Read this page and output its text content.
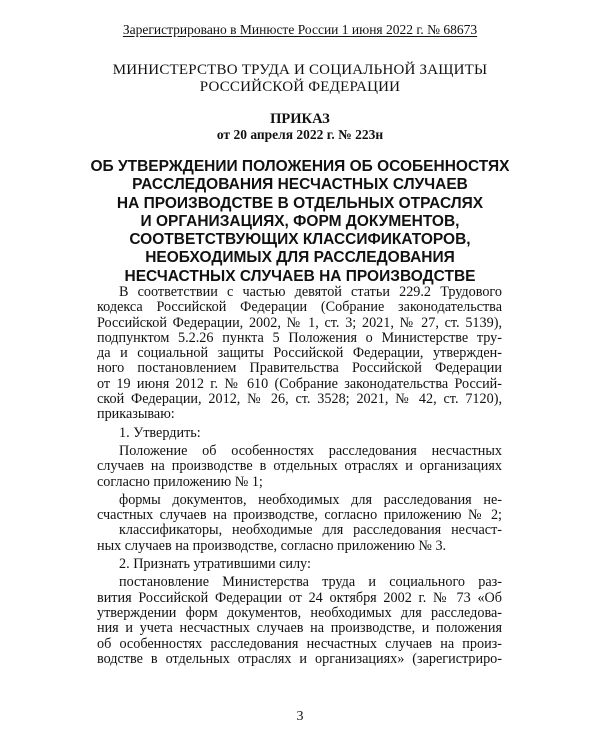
Зарегистрировано в Минюсте России 1 июня 2022 г. № 68673
МИНИСТЕРСТВО ТРУДА И СОЦИАЛЬНОЙ ЗАЩИТЫ
РОССИЙСКОЙ ФЕДЕРАЦИИ
ПРИКАЗ
от 20 апреля 2022 г. № 223н
ОБ УТВЕРЖДЕНИИ ПОЛОЖЕНИЯ ОБ ОСОБЕННОСТЯХ
РАССЛЕДОВАНИЯ НЕСЧАСТНЫХ СЛУЧАЕВ
НА ПРОИЗВОДСТВЕ В ОТДЕЛЬНЫХ ОТРАСЛЯХ
И ОРГАНИЗАЦИЯХ, ФОРМ ДОКУМЕНТОВ,
СООТВЕТСТВУЮЩИХ КЛАССИФИКАТОРОВ,
НЕОБХОДИМЫХ ДЛЯ РАССЛЕДОВАНИЯ
НЕСЧАСТНЫХ СЛУЧАЕВ НА ПРОИЗВОДСТВЕ
В соответствии с частью девятой статьи 229.2 Трудового
кодекса Российской Федерации (Собрание законодательства
Российской Федерации, 2002, № 1, ст. 3; 2021, № 27, ст. 5139),
подпунктом 5.2.26 пункта 5 Положения о Министерстве тру-
да и социальной защиты Российской Федерации, утвержден-
ного постановлением Правительства Российской Федерации
от 19 июня 2012 г. № 610 (Собрание законодательства Россий-
ской Федерации, 2012, № 26, ст. 3528; 2021, № 42, ст. 7120),
приказываю:
1. Утвердить:
Положение об особенностях расследования несчастных
случаев на производстве в отдельных отраслях и организациях
согласно приложению № 1;
формы документов, необходимых для расследования не-
счастных случаев на производстве, согласно приложению № 2;
классификаторы, необходимые для расследования несчаст-
ных случаев на производстве, согласно приложению № 3.
2. Признать утратившими силу:
постановление Министерства труда и социального раз-
вития Российской Федерации от 24 октября 2002 г. № 73 «Об
утверждении форм документов, необходимых для расследова-
ния и учета несчастных случаев на производстве, и положения
об особенностях расследования несчастных случаев на произ-
водстве в отдельных отраслях и организациях» (зарегистриро-
3
